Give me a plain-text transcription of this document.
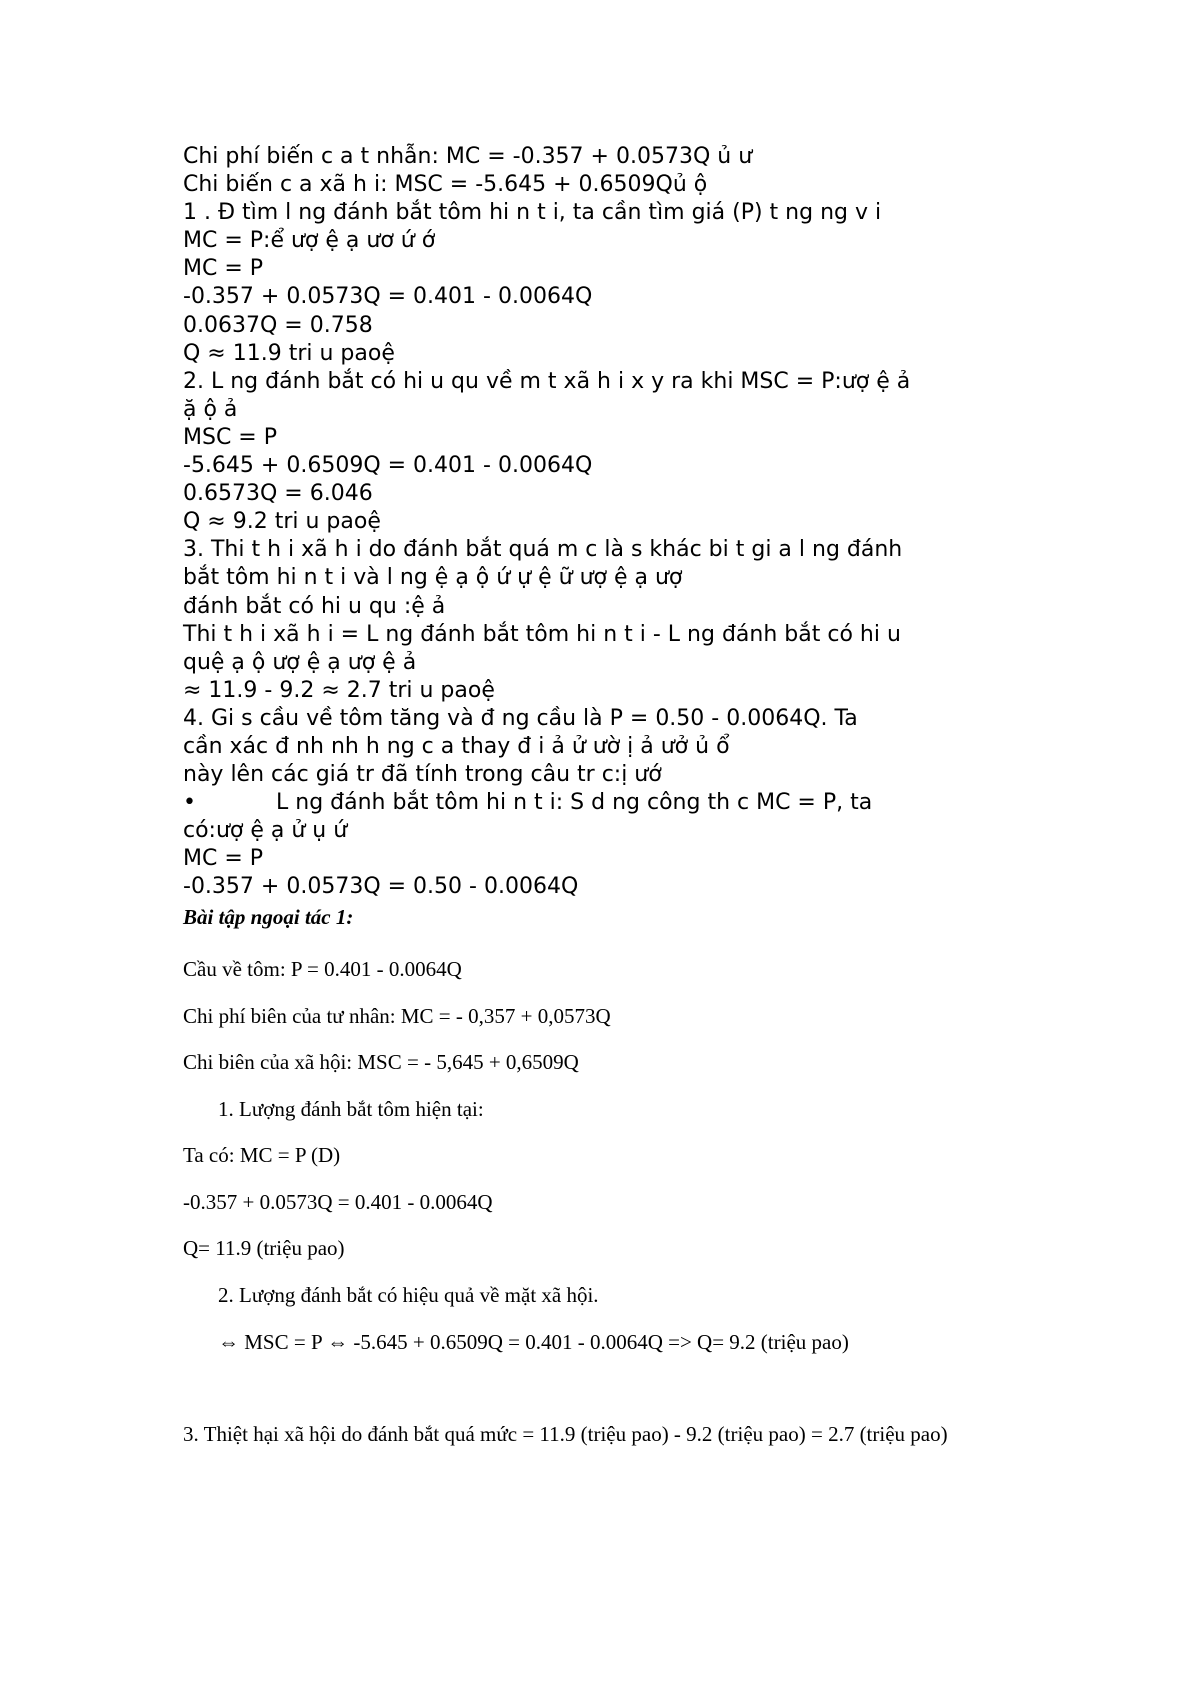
Chi phí biến c a t nhẫn: MC = -0.357 + 0.0573Q ủ ư
Chi biến c a xã h i: MSC = -5.645 + 0.6509Qủ ộ
1 . Đ tìm l ng đánh bắt tôm hi n t i, ta cần tìm giá (P) t ng ng v i
MC = P:ể ượ ệ ạ ươ ứ ớ
MC = P
-0.357 + 0.0573Q = 0.401 - 0.0064Q
0.0637Q = 0.758
Q ≈ 11.9 tri u paoệ
2. L ng đánh bắt có hi u qu về m t xã h i x y ra khi MSC = P:ượ ệ ả
ặ ộ ả
MSC = P
-5.645 + 0.6509Q = 0.401 - 0.0064Q
0.6573Q = 6.046
Q ≈ 9.2 tri u paoệ
3. Thi t h i xã h i do đánh bắt quá m c là s khác bi t gi a l ng đánh
bắt tôm hi n t i và l ng ệ ạ ộ ứ ự ệ ữ ượ ệ ạ ượ
đánh bắt có hi u qu :ệ ả
Thi t h i xã h i = L ng đánh bắt tôm hi n t i - L ng đánh bắt có hi u
quệ ạ ộ ượ ệ ạ ượ ệ ả
≈ 11.9 - 9.2 ≈ 2.7 tri u paoệ
4. Gi s cầu về tôm tăng và đ ng cầu là P = 0.50 - 0.0064Q. Ta
cần xác đ nh nh h ng c a thay đ i ả ử ườ ị ả ưở ủ ổ
này lên các giá tr đã tính trong câu tr c:ị ướ
•	L ng đánh bắt tôm hi n t i: S d ng công th c MC = P, ta
có:ượ ệ ạ ử ụ ứ
MC = P
-0.357 + 0.0573Q = 0.50 - 0.0064Q
Bài tập ngoại tác 1:
Cầu về tôm: P = 0.401 - 0.0064Q
Chi phí biên của tư nhân: MC = - 0,357 + 0,0573Q
Chi biên của xã hội: MSC = - 5,645 + 0,6509Q
1. Lượng đánh bắt tôm hiện tại:
Ta có: MC = P (D)
-0.357 + 0.0573Q = 0.401 - 0.0064Q
Q= 11.9 (triệu pao)
2. Lượng đánh bắt có hiệu quả về mặt xã hội.
⇔ MSC = P ⇔ -5.645 + 0.6509Q = 0.401 - 0.0064Q => Q= 9.2 (triệu pao)
3. Thiệt hại xã hội do đánh bắt quá mức = 11.9 (triệu pao) - 9.2 (triệu pao) = 2.7 (triệu pao)
